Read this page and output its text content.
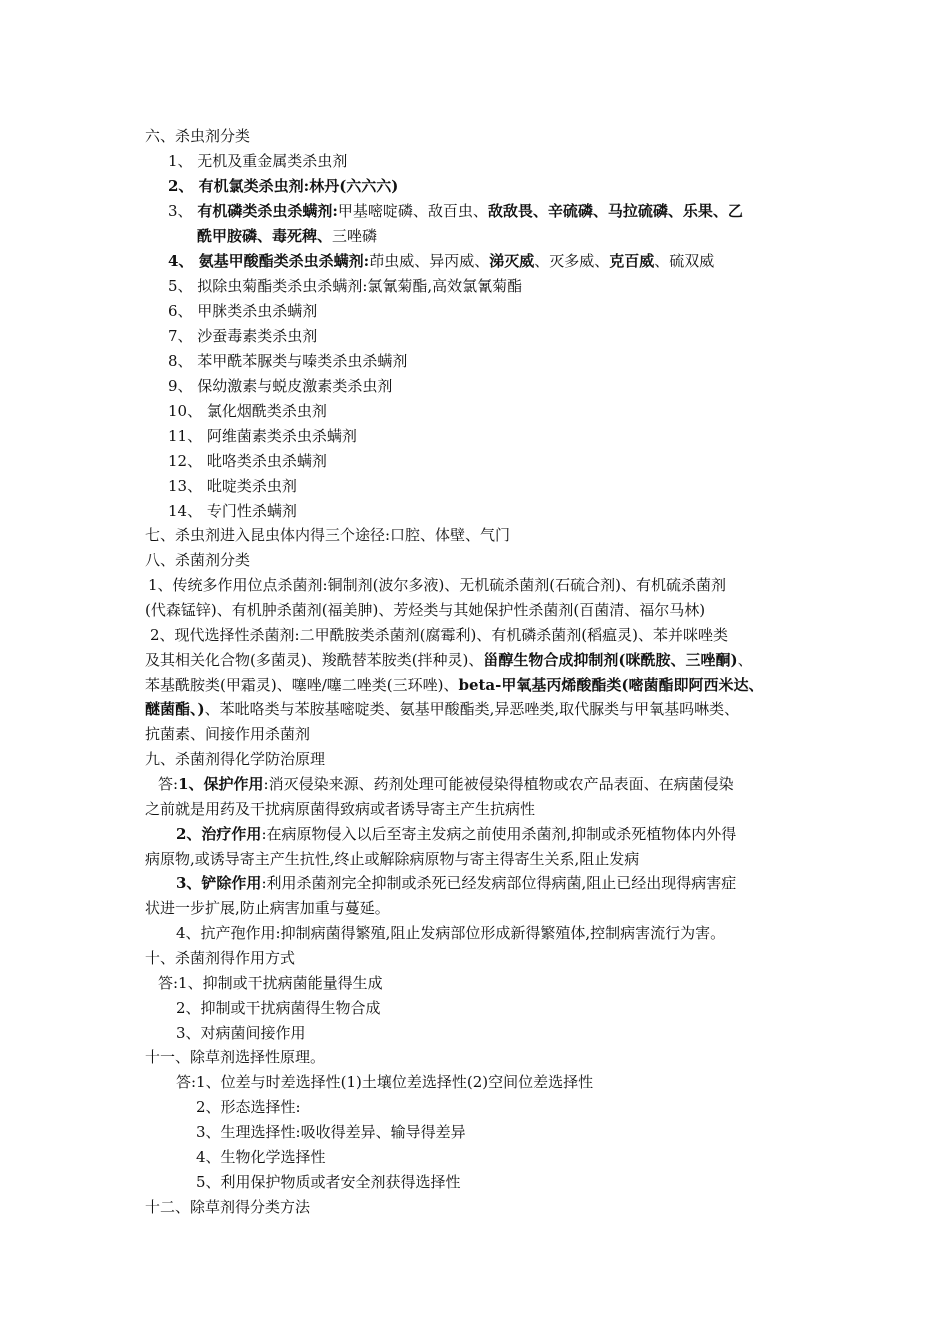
六、杀虫剂分类
1、 无机及重金属类杀虫剂
2、 有机氯类杀虫剂:林丹(六六六)
3、 有机磷类杀虫杀螨剂:甲基嘧啶磷、敌百虫、敌敌畏、辛硫磷、马拉硫磷、乐果、乙
酰甲胺磷、毒死稗、三唑磷
4、 氨基甲酸酯类杀虫杀螨剂:茚虫威、异丙威、涕灭威、灭多威、克百威、硫双威
5、 拟除虫菊酯类杀虫杀螨剂:氯氰菊酯,高效氯氰菊酯
6、 甲脒类杀虫杀螨剂
7、 沙蚕毒素类杀虫剂
8、 苯甲酰苯脲类与嗪类杀虫杀螨剂
9、 保幼激素与蜕皮激素类杀虫剂
10、 氯化烟酰类杀虫剂
11、 阿维菌素类杀虫杀螨剂
12、 吡咯类杀虫杀螨剂
13、 吡啶类杀虫剂
14、 专门性杀螨剂
七、杀虫剂进入昆虫体内得三个途径:口腔、体壁、气门
八、杀菌剂分类
1、传统多作用位点杀菌剂:铜制剂(波尔多液)、无机硫杀菌剂(石硫合剂)、有机硫杀菌剂
(代森锰锌)、有机肿杀菌剂(福美胂)、芳烃类与其她保护性杀菌剂(百菌清、福尔马林)
2、现代选择性杀菌剂:二甲酰胺类杀菌剂(腐霉利)、有机磷杀菌剂(稻瘟灵)、苯并咪唑类
及其相关化合物(多菌灵)、羧酰替苯胺类(拌种灵)、甾醇生物合成抑制剂(咪酰胺、三唑酮)、
苯基酰胺类(甲霜灵)、噻唑/噻二唑类(三环唑)、beta-甲氧基丙烯酸酯类(嘧菌酯即阿西米达、
醚菌酯、)、苯吡咯类与苯胺基嘧啶类、氨基甲酸酯类,异恶唑类,取代脲类与甲氧基吗啉类、
抗菌素、间接作用杀菌剂
九、杀菌剂得化学防治原理
答:1、保护作用:消灭侵染来源、药剂处理可能被侵染得植物或农产品表面、在病菌侵染
之前就是用药及干扰病原菌得致病或者诱导寄主产生抗病性
2、治疗作用:在病原物侵入以后至寄主发病之前使用杀菌剂,抑制或杀死植物体内外得
病原物,或诱导寄主产生抗性,终止或解除病原物与寄主得寄生关系,阻止发病
3、铲除作用:利用杀菌剂完全抑制或杀死已经发病部位得病菌,阻止已经出现得病害症
状进一步扩展,防止病害加重与蔓延。
4、抗产孢作用:抑制病菌得繁殖,阻止发病部位形成新得繁殖体,控制病害流行为害。
十、杀菌剂得作用方式
答:1、抑制或干扰病菌能量得生成
2、抑制或干扰病菌得生物合成
3、对病菌间接作用
十一、除草剂选择性原理。
答:1、位差与时差选择性(1)土壤位差选择性(2)空间位差选择性
2、形态选择性:
3、生理选择性:吸收得差异、输导得差异
4、生物化学选择性
5、利用保护物质或者安全剂获得选择性
十二、除草剂得分类方法
